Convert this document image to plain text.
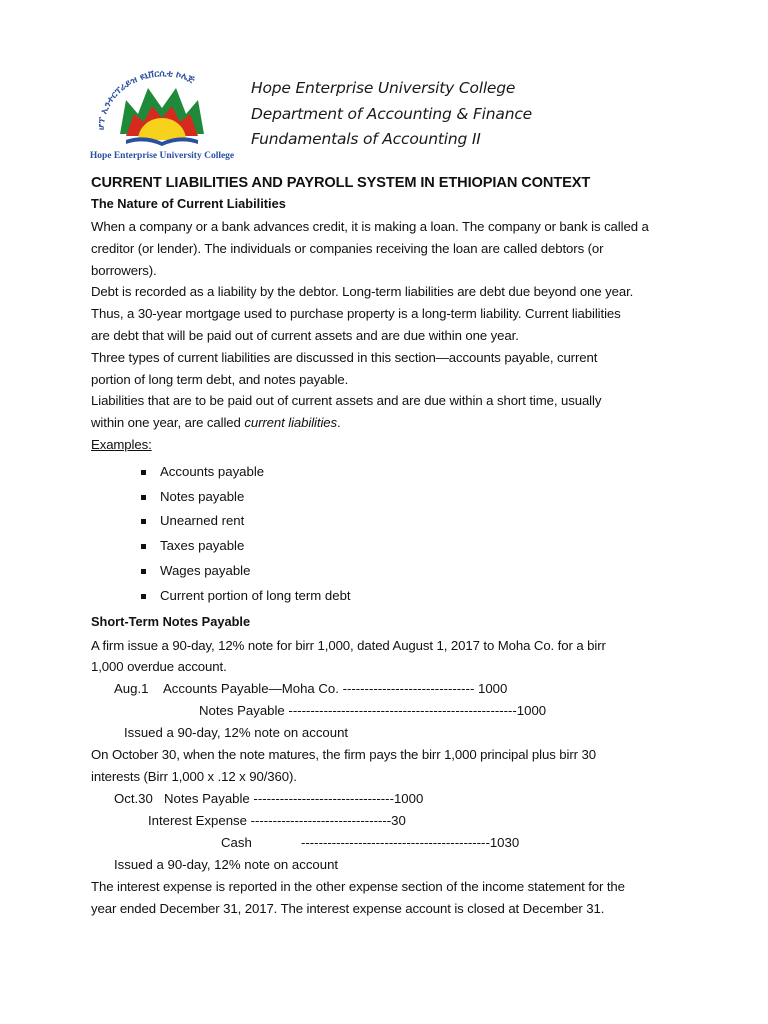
ሆፕ ኢንተርፕራይዝ ዩኒቨርሲቲ ኮሌጅ
Hope Enterprise University College
Hope Enterprise University College
Department of Accounting & Finance
Fundamentals of Accounting II
CURRENT LIABILITIES AND PAYROLL SYSTEM IN ETHIOPIAN CONTEXT
The Nature of Current Liabilities
When a company or a bank advances credit, it is making a loan. The company or bank is called a
creditor (or lender). The individuals or companies receiving the loan are called debtors (or
borrowers).
Debt is recorded as a liability by the debtor. Long-term liabilities are debt due beyond one year.
Thus, a 30-year mortgage used to purchase property is a long-term liability. Current liabilities
are debt that will be paid out of current assets and are due within one year.
Three types of current liabilities are discussed in this section—accounts payable, current
portion of long term debt, and notes payable.
Liabilities that are to be paid out of current assets and are due within a short time, usually
within one year, are called current liabilities.
Examples:
Accounts payable
Notes payable
Unearned rent
Taxes payable
Wages payable
Current portion of long term debt
Short-Term Notes Payable
A firm issue a 90-day, 12% note for birr 1,000, dated August 1, 2017 to Moha Co. for a birr
1,000 overdue account.
Aug.1 Accounts Payable—Moha Co. ------------------------------ 1000
Notes Payable ----------------------------------------------------1000
Issued a 90-day, 12% note on account
On October 30, when the note matures, the firm pays the birr 1,000 principal plus birr 30
interests (Birr 1,000 x .12 x 90/360).
Oct.30 Notes Payable --------------------------------1000
Interest Expense --------------------------------30
Cash	-------------------------------------------1030
Issued a 90-day, 12% note on account
The interest expense is reported in the other expense section of the income statement for the
year ended December 31, 2017. The interest expense account is closed at December 31.
